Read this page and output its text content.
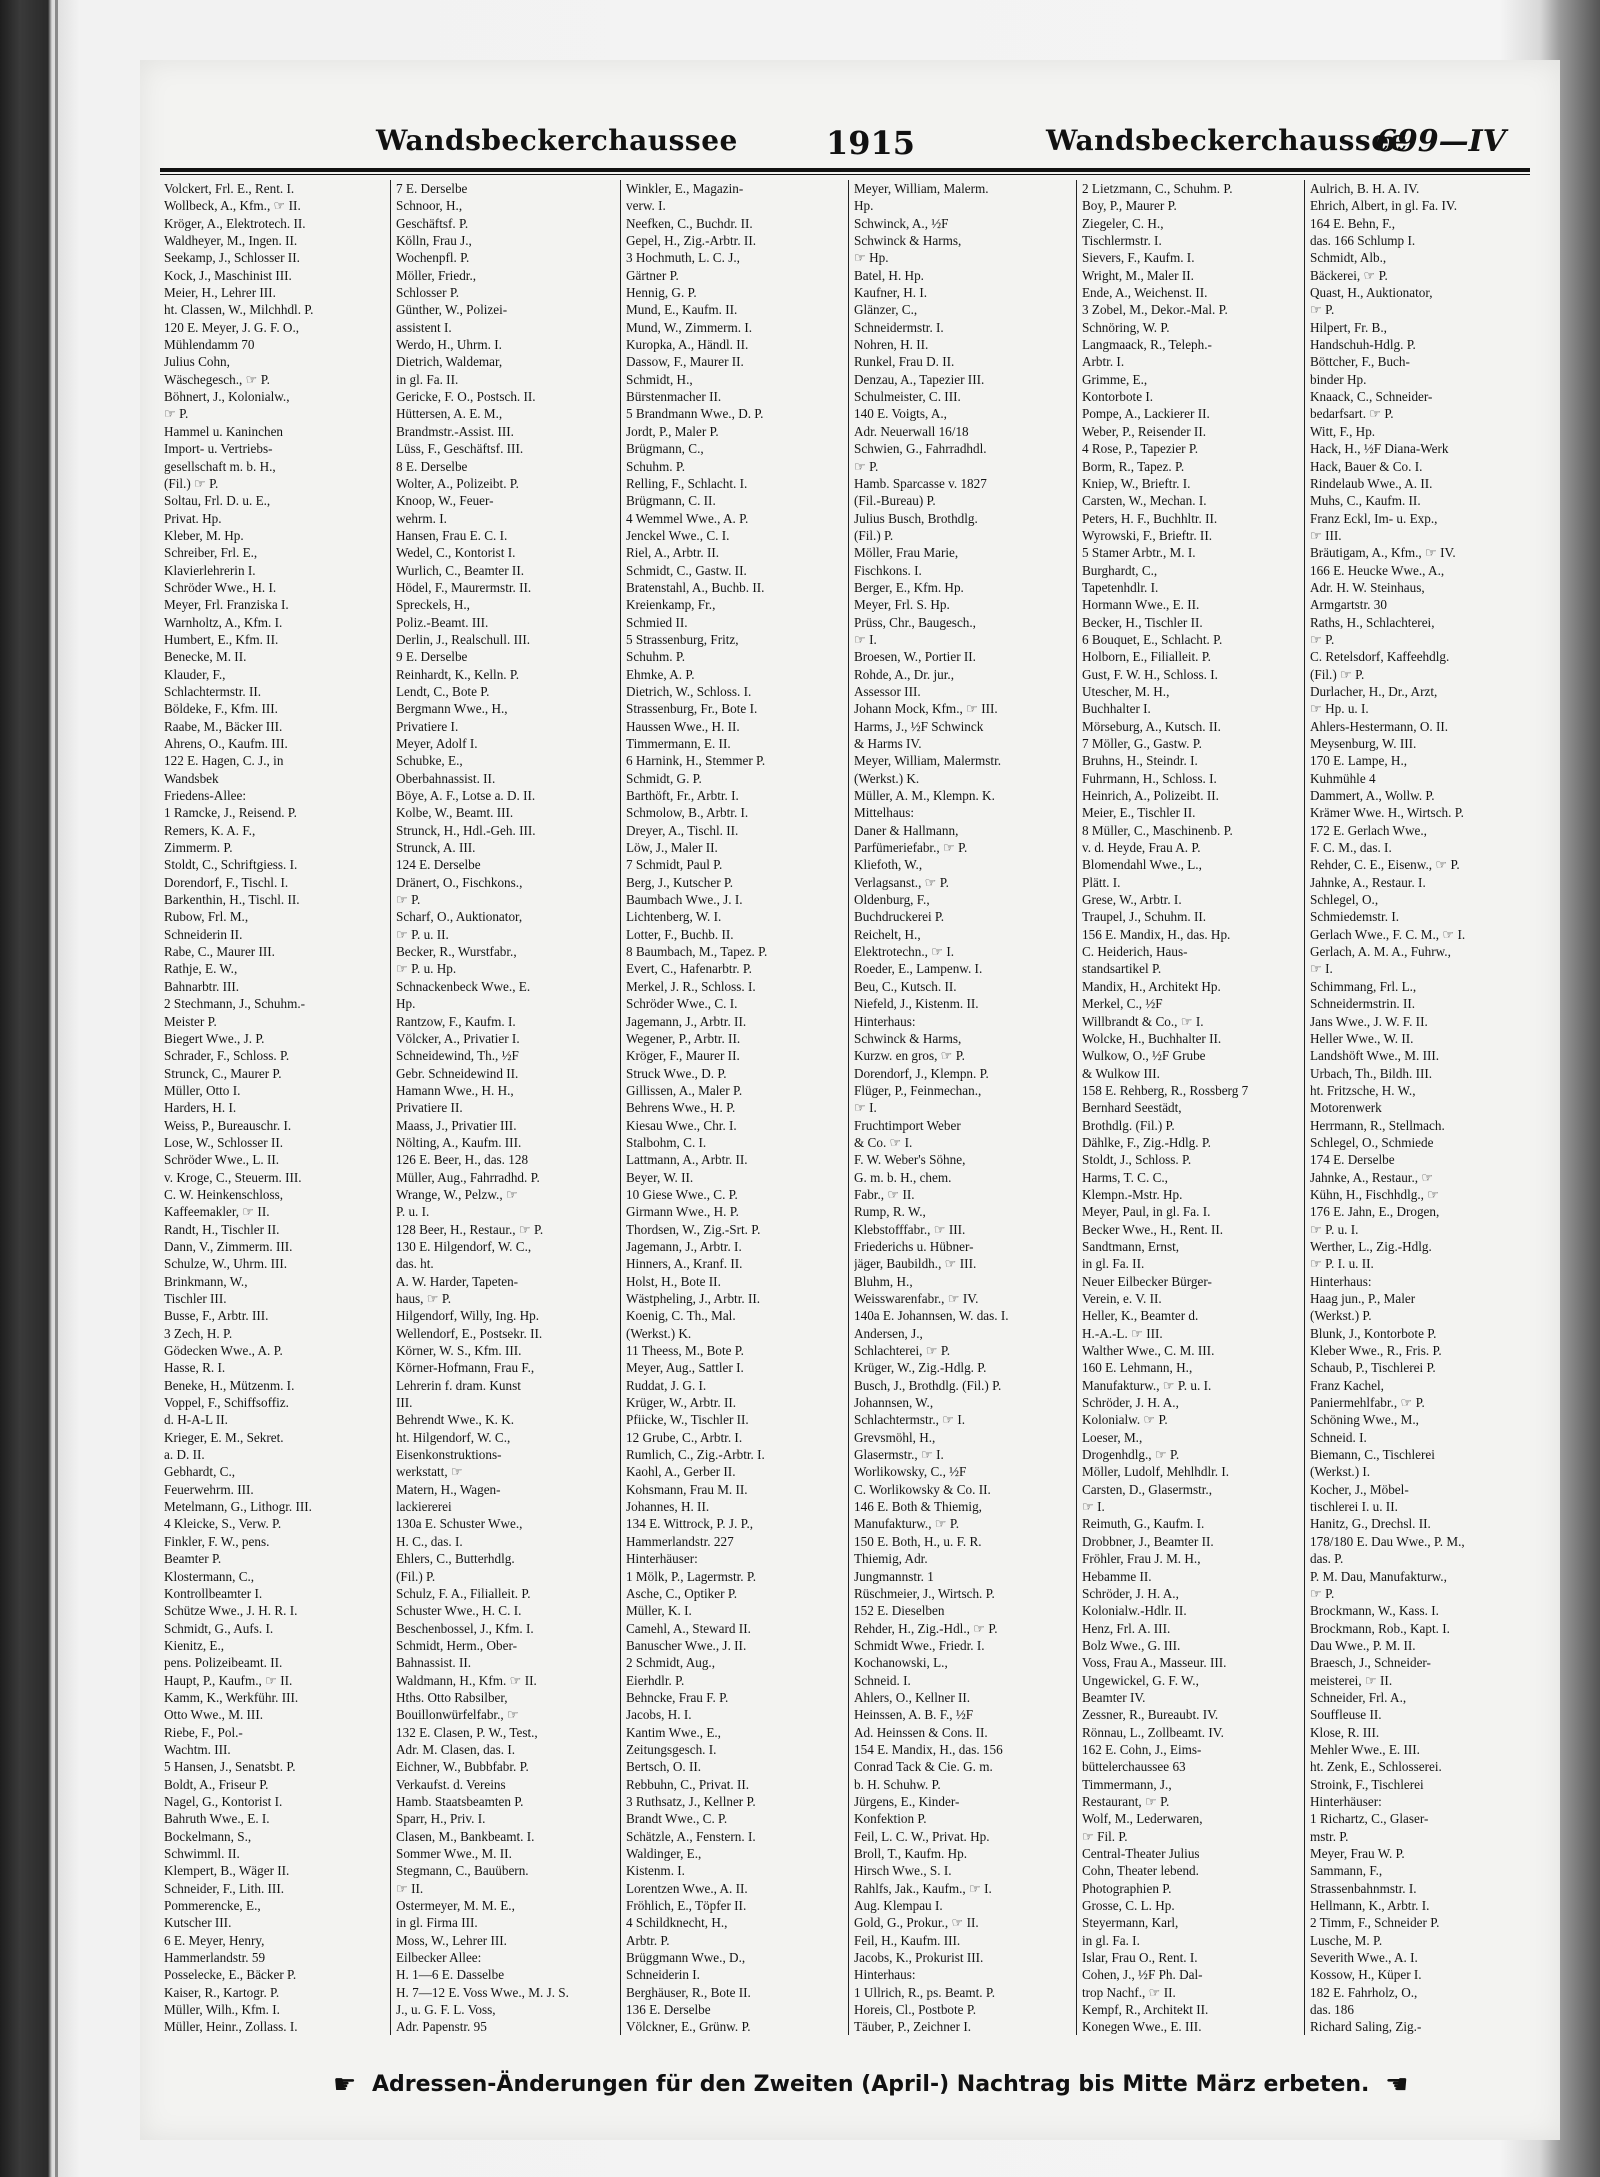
Wandsbeckerchaussee	1915	Wandsbeckerchaussee
699—IV
Volckert, Frl. E., Rent. I.
Wollbeck, A., Kfm., ☞ II.
Kröger, A., Elektrotech. II.
Waldheyer, M., Ingen. II.
Seekamp, J., Schlosser II.
Kock, J., Maschinist III.
Meier, H., Lehrer III.
ht. Classen, W., Milchhdl. P.
120 E. Meyer, J. G. F. O.,
Mühlendamm 70
Julius Cohn,
Wäschegesch., ☞ P.
Böhnert, J., Kolonialw.,
☞ P.
Hammel u. Kaninchen
Import- u. Vertriebs-
gesellschaft m. b. H.,
(Fil.) ☞ P.
Soltau, Frl. D. u. E.,
Privat. Hp.
Kleber, M. Hp.
Schreiber, Frl. E.,
Klavierlehrerin I.
Schröder Wwe., H. I.
Meyer, Frl. Franziska I.
Warnholtz, A., Kfm. I.
Humbert, E., Kfm. II.
Benecke, M. II.
Klauder, F.,
Schlachtermstr. II.
Böldeke, F., Kfm. III.
Raabe, M., Bäcker III.
Ahrens, O., Kaufm. III.
122 E. Hagen, C. J., in
Wandsbek
Friedens-Allee:
1 Ramcke, J., Reisend. P.
Remers, K. A. F.,
Zimmerm. P.
Stoldt, C., Schriftgiess. I.
Dorendorf, F., Tischl. I.
Barkenthin, H., Tischl. II.
Rubow, Frl. M.,
Schneiderin II.
Rabe, C., Maurer III.
Rathje, E. W.,
Bahnarbtr. III.
2 Stechmann, J., Schuhm.-
Meister P.
Biegert Wwe., J. P.
Schrader, F., Schloss. P.
Strunck, C., Maurer P.
Müller, Otto I.
Harders, H. I.
Weiss, P., Bureauschr. I.
Lose, W., Schlosser II.
Schröder Wwe., L. II.
v. Kroge, C., Steuerm. III.
C. W. Heinkenschloss,
Kaffeemakler, ☞ II.
Randt, H., Tischler II.
Dann, V., Zimmerm. III.
Schulze, W., Uhrm. III.
Brinkmann, W.,
Tischler III.
Busse, F., Arbtr. III.
3 Zech, H. P.
Gödecken Wwe., A. P.
Hasse, R. I.
Beneke, H., Mützenm. I.
Voppel, F., Schiffsoffiz.
d. H-A-L II.
Krieger, E. M., Sekret.
a. D. II.
Gebhardt, C.,
Feuerwehrm. III.
Metelmann, G., Lithogr. III.
4 Kleicke, S., Verw. P.
Finkler, F. W., pens.
Beamter P.
Klostermann, C.,
Kontrollbeamter I.
Schütze Wwe., J. H. R. I.
Schmidt, G., Aufs. I.
Kienitz, E.,
pens. Polizeibeamt. II.
Haupt, P., Kaufm., ☞ II.
Kamm, K., Werkführ. III.
Otto Wwe., M. III.
Riebe, F., Pol.-
Wachtm. III.
5 Hansen, J., Senatsbt. P.
Boldt, A., Friseur P.
Nagel, G., Kontorist I.
Bahruth Wwe., E. I.
Bockelmann, S.,
Schwimml. II.
Klempert, B., Wäger II.
Schneider, F., Lith. III.
Pommerencke, E.,
Kutscher III.
6 E. Meyer, Henry,
Hammerlandstr. 59
Posselecke, E., Bäcker P.
Kaiser, R., Kartogr. P.
Müller, Wilh., Kfm. I.
Müller, Heinr., Zollass. I.
7 E. Derselbe
Schnoor, H.,
Geschäftsf. P.
Kölln, Frau J.,
Wochenpfl. P.
Möller, Friedr.,
Schlosser P.
Günther, W., Polizei-
assistent I.
Werdo, H., Uhrm. I.
Dietrich, Waldemar,
in gl. Fa. II.
Gericke, F. O., Postsch. II.
Hüttersen, A. E. M.,
Brandmstr.-Assist. III.
Lüss, F., Geschäftsf. III.
8 E. Derselbe
Wolter, A., Polizeibt. P.
Knoop, W., Feuer-
wehrm. I.
Hansen, Frau E. C. I.
Wedel, C., Kontorist I.
Wurlich, C., Beamter II.
Hödel, F., Maurermstr. II.
Spreckels, H.,
Poliz.-Beamt. III.
Derlin, J., Realschull. III.
9 E. Derselbe
Reinhardt, K., Kelln. P.
Lendt, C., Bote P.
Bergmann Wwe., H.,
Privatiere I.
Meyer, Adolf I.
Schubke, E.,
Oberbahnassist. II.
Böye, A. F., Lotse a. D. II.
Kolbe, W., Beamt. III.
Strunck, H., Hdl.-Geh. III.
Strunck, A. III.
124 E. Derselbe
Dränert, O., Fischkons.,
☞ P.
Scharf, O., Auktionator,
☞ P. u. II.
Becker, R., Wurstfabr.,
☞ P. u. Hp.
Schnackenbeck Wwe., E.
Hp.
Rantzow, F., Kaufm. I.
Völcker, A., Privatier I.
Schneidewind, Th., ½F
Gebr. Schneidewind II.
Hamann Wwe., H. H.,
Privatiere II.
Maass, J., Privatier III.
Nölting, A., Kaufm. III.
126 E. Beer, H., das. 128
Müller, Aug., Fahrradhd. P.
Wrange, W., Pelzw., ☞
P. u. I.
128 Beer, H., Restaur., ☞ P.
130 E. Hilgendorf, W. C.,
das. ht.
A. W. Harder, Tapeten-
haus, ☞ P.
Hilgendorf, Willy, Ing. Hp.
Wellendorf, E., Postsekr. II.
Körner, W. S., Kfm. III.
Körner-Hofmann, Frau F.,
Lehrerin f. dram. Kunst
III.
Behrendt Wwe., K. K.
ht. Hilgendorf, W. C.,
Eisenkonstruktions-
werkstatt, ☞
Matern, H., Wagen-
lackiererei
130a E. Schuster Wwe.,
H. C., das. I.
Ehlers, C., Butterhdlg.
(Fil.) P.
Schulz, F. A., Filialleit. P.
Schuster Wwe., H. C. I.
Beschenbossel, J., Kfm. I.
Schmidt, Herm., Ober-
Bahnassist. II.
Waldmann, H., Kfm. ☞ II.
Hths. Otto Rabsilber,
Bouillonwürfelfabr., ☞
132 E. Clasen, P. W., Test.,
Adr. M. Clasen, das. I.
Eichner, W., Bubbfabr. P.
Verkaufst. d. Vereins
Hamb. Staatsbeamten P.
Sparr, H., Priv. I.
Clasen, M., Bankbeamt. I.
Sommer Wwe., M. II.
Stegmann, C., Bauübern.
☞ II.
Ostermeyer, M. M. E.,
in gl. Firma III.
Moss, W., Lehrer III.
Eilbecker Allee:
H. 1—6 E. Dasselbe
H. 7—12 E. Voss Wwe., M. J. S.
J., u. G. F. L. Voss,
Adr. Papenstr. 95
Winkler, E., Magazin-
verw. I.
Neefken, C., Buchdr. II.
Gepel, H., Zig.-Arbtr. II.
3 Hochmuth, L. C. J.,
Gärtner P.
Hennig, G. P.
Mund, E., Kaufm. II.
Mund, W., Zimmerm. I.
Kuropka, A., Händl. II.
Dassow, F., Maurer II.
Schmidt, H.,
Bürstenmacher II.
5 Brandmann Wwe., D. P.
Jordt, P., Maler P.
Brügmann, C.,
Schuhm. P.
Relling, F., Schlacht. I.
Brügmann, C. II.
4 Wemmel Wwe., A. P.
Jenckel Wwe., C. I.
Riel, A., Arbtr. II.
Schmidt, C., Gastw. II.
Bratenstahl, A., Buchb. II.
Kreienkamp, Fr.,
Schmied II.
5 Strassenburg, Fritz,
Schuhm. P.
Ehmke, A. P.
Dietrich, W., Schloss. I.
Strassenburg, Fr., Bote I.
Haussen Wwe., H. II.
Timmermann, E. II.
6 Harnink, H., Stemmer P.
Schmidt, G. P.
Barthöft, Fr., Arbtr. I.
Schmolow, B., Arbtr. I.
Dreyer, A., Tischl. II.
Löw, J., Maler II.
7 Schmidt, Paul P.
Berg, J., Kutscher P.
Baumbach Wwe., J. I.
Lichtenberg, W. I.
Lotter, F., Buchb. II.
8 Baumbach, M., Tapez. P.
Evert, C., Hafenarbtr. P.
Merkel, J. R., Schloss. I.
Schröder Wwe., C. I.
Jagemann, J., Arbtr. II.
Wegener, P., Arbtr. II.
Kröger, F., Maurer II.
Struck Wwe., D. P.
Gillissen, A., Maler P.
Behrens Wwe., H. P.
Kiesau Wwe., Chr. I.
Stalbohm, C. I.
Lattmann, A., Arbtr. II.
Beyer, W. II.
10 Giese Wwe., C. P.
Girmann Wwe., H. P.
Thordsen, W., Zig.-Srt. P.
Jagemann, J., Arbtr. I.
Hinners, A., Kranf. II.
Holst, H., Bote II.
Wästpheling, J., Arbtr. II.
Koenig, C. Th., Mal.
(Werkst.) K.
11 Theess, M., Bote P.
Meyer, Aug., Sattler I.
Ruddat, J. G. I.
Krüger, W., Arbtr. II.
Pfiicke, W., Tischler II.
12 Grube, C., Arbtr. I.
Rumlich, C., Zig.-Arbtr. I.
Kaohl, A., Gerber II.
Kohsmann, Frau M. II.
Johannes, H. II.
134 E. Wittrock, P. J. P.,
Hammerlandstr. 227
Hinterhäuser:
1 Mölk, P., Lagermstr. P.
Asche, C., Optiker P.
Müller, K. I.
Camehl, A., Steward II.
Banuscher Wwe., J. II.
2 Schmidt, Aug.,
Eierhdlr. P.
Behncke, Frau F. P.
Jacobs, H. I.
Kantim Wwe., E.,
Zeitungsgesch. I.
Bertsch, O. II.
Rebbuhn, C., Privat. II.
3 Ruthsatz, J., Kellner P.
Brandt Wwe., C. P.
Schätzle, A., Fenstern. I.
Waldinger, E.,
Kistenm. I.
Lorentzen Wwe., A. II.
Fröhlich, E., Töpfer II.
4 Schildknecht, H.,
Arbtr. P.
Brüggmann Wwe., D.,
Schneiderin I.
Berghäuser, R., Bote II.
136 E. Derselbe
Völckner, E., Grünw. P.
Meyer, William, Malerm.
Hp.
Schwinck, A., ½F
Schwinck & Harms,
☞ Hp.
Batel, H. Hp.
Kaufner, H. I.
Glänzer, C.,
Schneidermstr. I.
Nohren, H. II.
Runkel, Frau D. II.
Denzau, A., Tapezier III.
Schulmeister, C. III.
140 E. Voigts, A.,
Adr. Neuerwall 16/18
Schwien, G., Fahrradhdl.
☞ P.
Hamb. Sparcasse v. 1827
(Fil.-Bureau) P.
Julius Busch, Brothdlg.
(Fil.) P.
Möller, Frau Marie,
Fischkons. I.
Berger, E., Kfm. Hp.
Meyer, Frl. S. Hp.
Prüss, Chr., Baugesch.,
☞ I.
Broesen, W., Portier II.
Rohde, A., Dr. jur.,
Assessor III.
Johann Mock, Kfm., ☞ III.
Harms, J., ½F Schwinck
& Harms IV.
Meyer, William, Malermstr.
(Werkst.) K.
Müller, A. M., Klempn. K.
Mittelhaus:
Daner & Hallmann,
Parfümeriefabr., ☞ P.
Kliefoth, W.,
Verlagsanst., ☞ P.
Oldenburg, F.,
Buchdruckerei P.
Reichelt, H.,
Elektrotechn., ☞ I.
Roeder, E., Lampenw. I.
Beu, C., Kutsch. II.
Niefeld, J., Kistenm. II.
Hinterhaus:
Schwinck & Harms,
Kurzw. en gros, ☞ P.
Dorendorf, J., Klempn. P.
Flüger, P., Feinmechan.,
☞ I.
Fruchtimport Weber
& Co. ☞ I.
F. W. Weber's Söhne,
G. m. b. H., chem.
Fabr., ☞ II.
Rump, R. W.,
Klebstofffabr., ☞ III.
Friederichs u. Hübner-
jäger, Baubildh., ☞ III.
Bluhm, H.,
Weisswarenfabr., ☞ IV.
140a E. Johannsen, W. das. I.
Andersen, J.,
Schlachterei, ☞ P.
Krüger, W., Zig.-Hdlg. P.
Busch, J., Brothdlg. (Fil.) P.
Johannsen, W.,
Schlachtermstr., ☞ I.
Grevsmöhl, H.,
Glasermstr., ☞ I.
Worlikowsky, C., ½F
C. Worlikowsky & Co. II.
146 E. Both & Thiemig,
Manufakturw., ☞ P.
150 E. Both, H., u. F. R.
Thiemig, Adr.
Jungmannstr. 1
Rüschmeier, J., Wirtsch. P.
152 E. Dieselben
Rehder, H., Zig.-Hdl., ☞ P.
Schmidt Wwe., Friedr. I.
Kochanowski, L.,
Schneid. I.
Ahlers, O., Kellner II.
Heinssen, A. B. F., ½F
Ad. Heinssen & Cons. II.
154 E. Mandix, H., das. 156
Conrad Tack & Cie. G. m.
b. H. Schuhw. P.
Jürgens, E., Kinder-
Konfektion P.
Feil, L. C. W., Privat. Hp.
Broll, T., Kaufm. Hp.
Hirsch Wwe., S. I.
Rahlfs, Jak., Kaufm., ☞ I.
Aug. Klempau I.
Gold, G., Prokur., ☞ II.
Feil, H., Kaufm. III.
Jacobs, K., Prokurist III.
Hinterhaus:
1 Ullrich, R., ps. Beamt. P.
Horeis, Cl., Postbote P.
Täuber, P., Zeichner I.
2 Lietzmann, C., Schuhm. P.
Boy, P., Maurer P.
Ziegeler, C. H.,
Tischlermstr. I.
Sievers, F., Kaufm. I.
Wright, M., Maler II.
Ende, A., Weichenst. II.
3 Zobel, M., Dekor.-Mal. P.
Schnöring, W. P.
Langmaack, R., Teleph.-
Arbtr. I.
Grimme, E.,
Kontorbote I.
Pompe, A., Lackierer II.
Weber, P., Reisender II.
4 Rose, P., Tapezier P.
Borm, R., Tapez. P.
Kniep, W., Brieftr. I.
Carsten, W., Mechan. I.
Peters, H. F., Buchhltr. II.
Wyrowski, F., Brieftr. II.
5 Stamer Arbtr., M. I.
Burghardt, C.,
Tapetenhdlr. I.
Hormann Wwe., E. II.
Becker, H., Tischler II.
6 Bouquet, E., Schlacht. P.
Holborn, E., Filialleit. P.
Gust, F. W. H., Schloss. I.
Utescher, M. H.,
Buchhalter I.
Mörseburg, A., Kutsch. II.
7 Möller, G., Gastw. P.
Bruhns, H., Steindr. I.
Fuhrmann, H., Schloss. I.
Heinrich, A., Polizeibt. II.
Meier, E., Tischler II.
8 Müller, C., Maschinenb. P.
v. d. Heyde, Frau A. P.
Blomendahl Wwe., L.,
Plätt. I.
Grese, W., Arbtr. I.
Traupel, J., Schuhm. II.
156 E. Mandix, H., das. Hp.
C. Heiderich, Haus-
standsartikel P.
Mandix, H., Architekt Hp.
Merkel, C., ½F
Willbrandt & Co., ☞ I.
Wolcke, H., Buchhalter II.
Wulkow, O., ½F Grube
& Wulkow III.
158 E. Rehberg, R., Rossberg 7
Bernhard Seestädt,
Brothdlg. (Fil.) P.
Dählke, F., Zig.-Hdlg. P.
Stoldt, J., Schloss. P.
Harms, T. C. C.,
Klempn.-Mstr. Hp.
Meyer, Paul, in gl. Fa. I.
Becker Wwe., H., Rent. II.
Sandtmann, Ernst,
in gl. Fa. II.
Neuer Eilbecker Bürger-
Verein, e. V. II.
Heller, K., Beamter d.
H.-A.-L. ☞ III.
Walther Wwe., C. M. III.
160 E. Lehmann, H.,
Manufakturw., ☞ P. u. I.
Schröder, J. H. A.,
Kolonialw. ☞ P.
Loeser, M.,
Drogenhdlg., ☞ P.
Möller, Ludolf, Mehlhdlr. I.
Carsten, D., Glasermstr.,
☞ I.
Reimuth, G., Kaufm. I.
Drobbner, J., Beamter II.
Fröhler, Frau J. M. H.,
Hebamme II.
Schröder, J. H. A.,
Kolonialw.-Hdlr. II.
Henz, Frl. A. III.
Bolz Wwe., G. III.
Voss, Frau A., Masseur. III.
Ungewickel, G. F. W.,
Beamter IV.
Zessner, R., Bureaubt. IV.
Rönnau, L., Zollbeamt. IV.
162 E. Cohn, J., Eims-
büttelerchaussee 63
Timmermann, J.,
Restaurant, ☞ P.
Wolf, M., Lederwaren,
☞ Fil. P.
Central-Theater Julius
Cohn, Theater lebend.
Photographien P.
Grosse, C. L. Hp.
Steyermann, Karl,
in gl. Fa. I.
Islar, Frau O., Rent. I.
Cohen, J., ½F Ph. Dal-
trop Nachf., ☞ II.
Kempf, R., Architekt II.
Konegen Wwe., E. III.
Aulrich, B. H. A. IV.
Ehrich, Albert, in gl. Fa. IV.
164 E. Behn, F.,
das. 166 Schlump I.
Schmidt, Alb.,
Bäckerei, ☞ P.
Quast, H., Auktionator,
☞ P.
Hilpert, Fr. B.,
Handschuh-Hdlg. P.
Böttcher, F., Buch-
binder Hp.
Knaack, C., Schneider-
bedarfsart. ☞ P.
Witt, F., Hp.
Hack, H., ½F Diana-Werk
Hack, Bauer & Co. I.
Rindelaub Wwe., A. II.
Muhs, C., Kaufm. II.
Franz Eckl, Im- u. Exp.,
☞ III.
Bräutigam, A., Kfm., ☞ IV.
166 E. Heucke Wwe., A.,
Adr. H. W. Steinhaus,
Armgartstr. 30
Raths, H., Schlachterei,
☞ P.
C. Retelsdorf, Kaffeehdlg.
(Fil.) ☞ P.
Durlacher, H., Dr., Arzt,
☞ Hp. u. I.
Ahlers-Hestermann, O. II.
Meysenburg, W. III.
170 E. Lampe, H.,
Kuhmühle 4
Dammert, A., Wollw. P.
Krämer Wwe. H., Wirtsch. P.
172 E. Gerlach Wwe.,
F. C. M., das. I.
Rehder, C. E., Eisenw., ☞ P.
Jahnke, A., Restaur. I.
Schlegel, O.,
Schmiedemstr. I.
Gerlach Wwe., F. C. M., ☞ I.
Gerlach, A. M. A., Fuhrw.,
☞ I.
Schimmang, Frl. L.,
Schneidermstrin. II.
Jans Wwe., J. W. F. II.
Heller Wwe., W. II.
Landshöft Wwe., M. III.
Urbach, Th., Bildh. III.
ht. Fritzsche, H. W.,
Motorenwerk
Herrmann, R., Stellmach.
Schlegel, O., Schmiede
174 E. Derselbe
Jahnke, A., Restaur., ☞
Kühn, H., Fischhdlg., ☞
176 E. Jahn, E., Drogen,
☞ P. u. I.
Werther, L., Zig.-Hdlg.
☞ P. I. u. II.
Hinterhaus:
Haag jun., P., Maler
(Werkst.) P.
Blunk, J., Kontorbote P.
Kleber Wwe., R., Fris. P.
Schaub, P., Tischlerei P.
Franz Kachel,
Paniermehlfabr., ☞ P.
Schöning Wwe., M.,
Schneid. I.
Biemann, C., Tischlerei
(Werkst.) I.
Kocher, J., Möbel-
tischlerei I. u. II.
Hanitz, G., Drechsl. II.
178/180 E. Dau Wwe., P. M.,
das. P.
P. M. Dau, Manufakturw.,
☞ P.
Brockmann, W., Kass. I.
Brockmann, Rob., Kapt. I.
Dau Wwe., P. M. II.
Braesch, J., Schneider-
meisterei, ☞ II.
Schneider, Frl. A.,
Souffleuse II.
Klose, R. III.
Mehler Wwe., E. III.
ht. Zenk, E., Schlosserei.
Stroink, F., Tischlerei
Hinterhäuser:
1 Richartz, C., Glaser-
mstr. P.
Meyer, Frau W. P.
Sammann, F.,
Strassenbahnmstr. I.
Hellmann, K., Arbtr. I.
2 Timm, F., Schneider P.
Lusche, M. P.
Severith Wwe., A. I.
Kossow, H., Küper I.
182 E. Fahrholz, O.,
das. 186
Richard Saling, Zig.-
☛ Adressen-Änderungen für den Zweiten (April-) Nachtrag bis Mitte März erbeten. ☚
